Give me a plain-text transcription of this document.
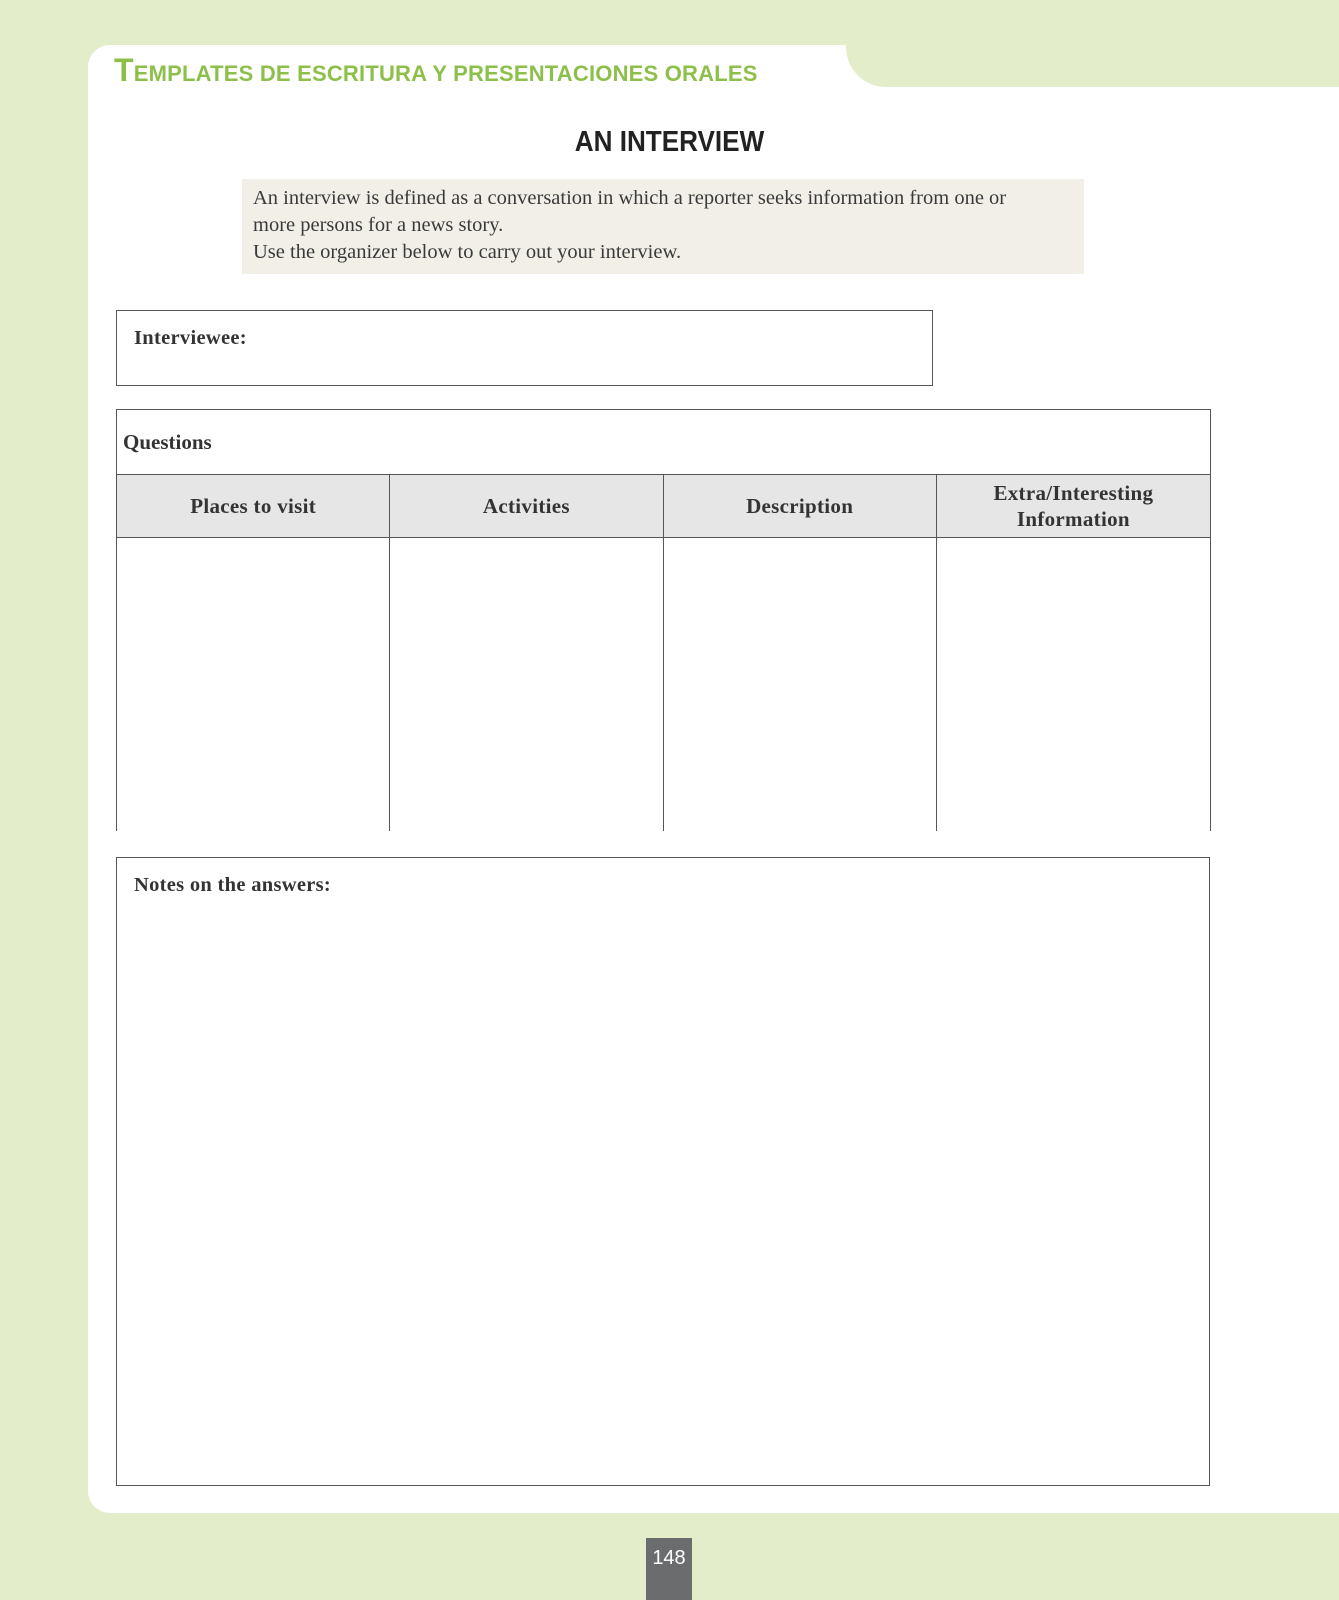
TEMPLATES DE ESCRITURA Y PRESENTACIONES ORALES
AN INTERVIEW
An interview is defined as a conversation in which a reporter seeks information from one or
more persons for a news story.
Use the organizer below to carry out your interview.
Interviewee:
Questions
Places to visit	Activities	Description
Extra/Interesting
Information
Notes on the answers:
148
